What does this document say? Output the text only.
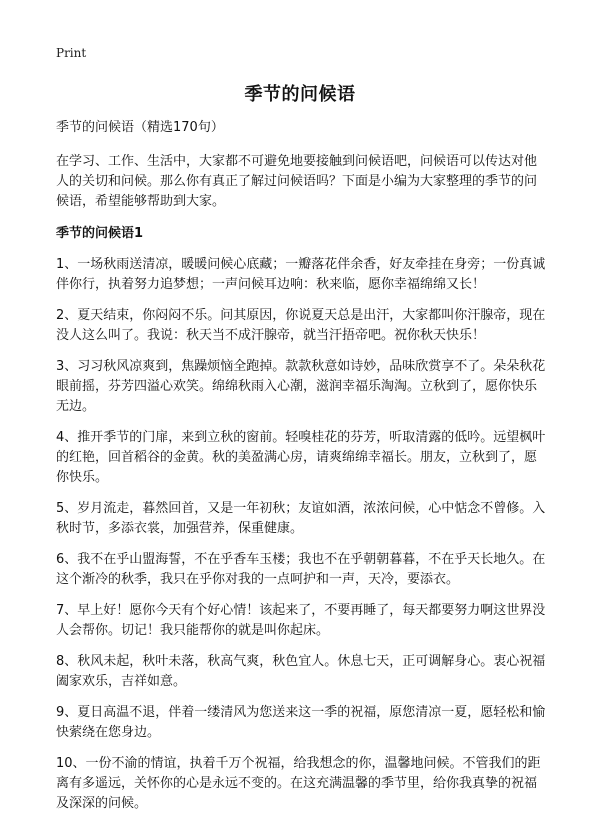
Print
季节的问候语

季节的问候语（精选170句）

在学习、工作、生活中，大家都不可避免地要接触到问候语吧，问候语可以传达对他人的关切和问候。那么你有真正了解过问候语吗？下面是小编为大家整理的季节的问候语，希望能够帮助到大家。

季节的问候语1

1、一场秋雨送清凉，暖暖问候心底藏；一瓣落花伴余香，好友牵挂在身旁；一份真诚伴你行，执着努力追梦想；一声问候耳边响：秋来临，愿你幸福绵绵又长！

2、夏天结束，你闷闷不乐。问其原因，你说夏天总是出汗，大家都叫你汗腺帝，现在没人这么叫了。我说：秋天当不成汗腺帝，就当汗捂帝吧。祝你秋天快乐！

3、习习秋风凉爽到，焦躁烦恼全跑掉。款款秋意如诗妙，品味欣赏享不了。朵朵秋花眼前摇，芬芳四溢心欢笑。绵绵秋雨入心潮，滋润幸福乐淘淘。立秋到了，愿你快乐无边。

4、推开季节的门扉，来到立秋的窗前。轻嗅桂花的芬芳，听取清露的低吟。远望枫叶的红艳，回首稻谷的金黄。秋的美盈满心房，请爽绵绵幸福长。朋友，立秋到了，愿你快乐。

5、岁月流走，暮然回首，又是一年初秋；友谊如酒，浓浓问候，心中惦念不曾修。入秋时节，多添衣裳，加强营养，保重健康。

6、我不在乎山盟海誓，不在乎香车玉楼；我也不在乎朝朝暮暮，不在乎天长地久。在这个渐冷的秋季，我只在乎你对我的一点呵护和一声，天冷，要添衣。

7、早上好！愿你今天有个好心情！该起来了，不要再睡了，每天都要努力啊这世界没人会帮你。切记！我只能帮你的就是叫你起床。

8、秋风未起，秋叶未落，秋高气爽，秋色宜人。休息七天，正可调解身心。衷心祝福阖家欢乐，吉祥如意。

9、夏日高温不退，伴着一缕清风为您送来这一季的祝福，原您清凉一夏，愿轻松和愉快萦绕在您身边。

10、一份不渝的情谊，执着千万个祝福，给我想念的你，温馨地问候。不管我们的距离有多遥远，关怀你的心是永远不变的。在这充满温馨的季节里，给你我真挚的祝福及深深的问候。
